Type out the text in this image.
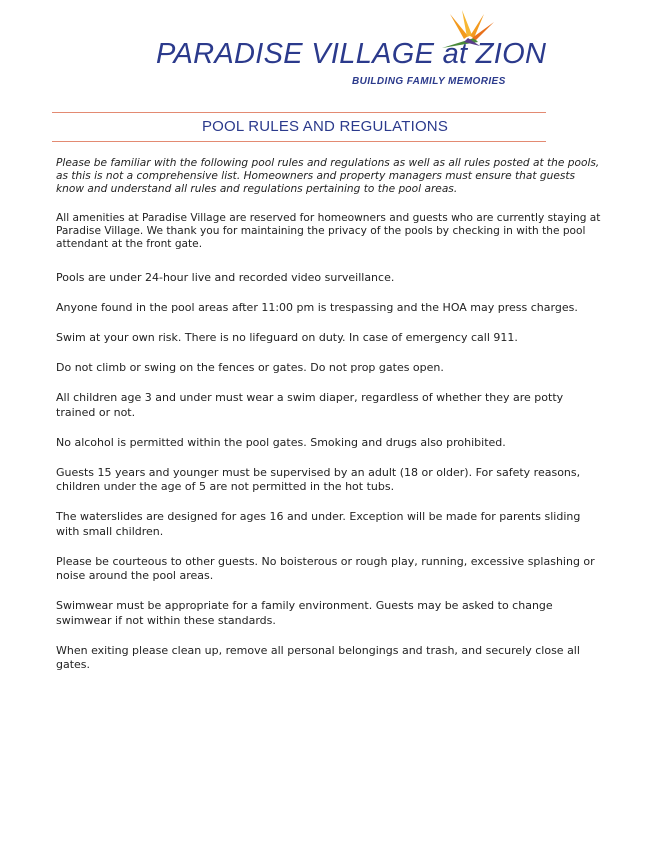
PARADISE VILLAGE at ZION
BUILDING FAMILY MEMORIES
POOL RULES AND REGULATIONS

Please be familiar with the following pool rules and regulations as well as all rules posted at the pools, as this is not a comprehensive list. Homeowners and property managers must ensure that guests know and understand all rules and regulations pertaining to the pool areas.

All amenities at Paradise Village are reserved for homeowners and guests who are currently staying at Paradise Village. We thank you for maintaining the privacy of the pools by checking in with the pool attendant at the front gate.

Pools are under 24-hour live and recorded video surveillance.
Anyone found in the pool areas after 11:00 pm is trespassing and the HOA may press charges.
Swim at your own risk. There is no lifeguard on duty. In case of emergency call 911.
Do not climb or swing on the fences or gates. Do not prop gates open.
All children age 3 and under must wear a swim diaper, regardless of whether they are potty trained or not.
No alcohol is permitted within the pool gates. Smoking and drugs also prohibited.
Guests 15 years and younger must be supervised by an adult (18 or older). For safety reasons, children under the age of 5 are not permitted in the hot tubs.
The waterslides are designed for ages 16 and under. Exception will be made for parents sliding with small children.
Please be courteous to other guests. No boisterous or rough play, running, excessive splashing or noise around the pool areas.
Swimwear must be appropriate for a family environment. Guests may be asked to change swimwear if not within these standards.
When exiting please clean up, remove all personal belongings and trash, and securely close all gates.
